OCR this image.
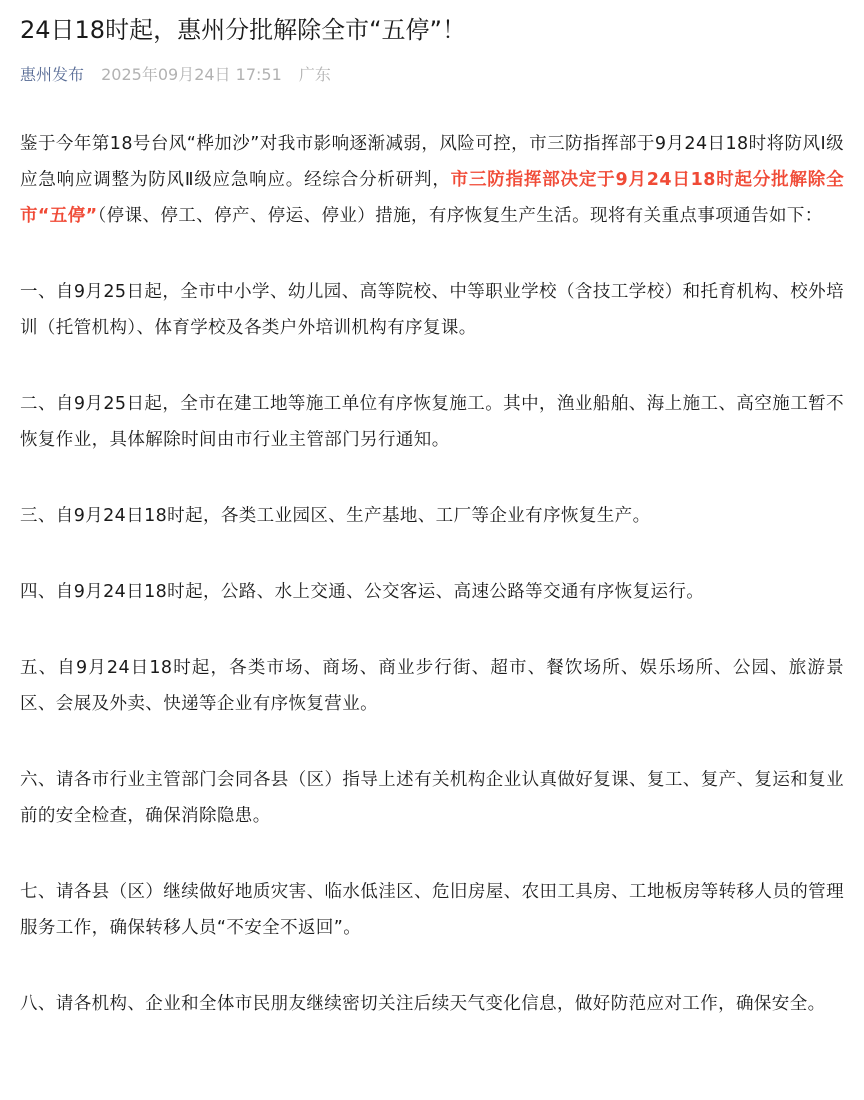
24日18时起，惠州分批解除全市“五停”！
惠州发布 2025年09月24日 17:51 广东

鉴于今年第18号台风“桦加沙”对我市影响逐渐减弱，风险可控，市三防指挥部于9月24日18时将防风Ⅰ级应急响应调整为防风Ⅱ级应急响应。经综合分析研判，市三防指挥部决定于9月24日18时起分批解除全市“五停”（停课、停工、停产、停运、停业）措施，有序恢复生产生活。现将有关重点事项通告如下：

一、自9月25日起，全市中小学、幼儿园、高等院校、中等职业学校（含技工学校）和托育机构、校外培训（托管机构）、体育学校及各类户外培训机构有序复课。

二、自9月25日起，全市在建工地等施工单位有序恢复施工。其中，渔业船舶、海上施工、高空施工暂不恢复作业，具体解除时间由市行业主管部门另行通知。

三、自9月24日18时起，各类工业园区、生产基地、工厂等企业有序恢复生产。

四、自9月24日18时起，公路、水上交通、公交客运、高速公路等交通有序恢复运行。

五、自9月24日18时起，各类市场、商场、商业步行街、超市、餐饮场所、娱乐场所、公园、旅游景区、会展及外卖、快递等企业有序恢复营业。

六、请各市行业主管部门会同各县（区）指导上述有关机构企业认真做好复课、复工、复产、复运和复业前的安全检查，确保消除隐患。

七、请各县（区）继续做好地质灾害、临水低洼区、危旧房屋、农田工具房、工地板房等转移人员的管理服务工作，确保转移人员“不安全不返回”。

八、请各机构、企业和全体市民朋友继续密切关注后续天气变化信息，做好防范应对工作，确保安全。
